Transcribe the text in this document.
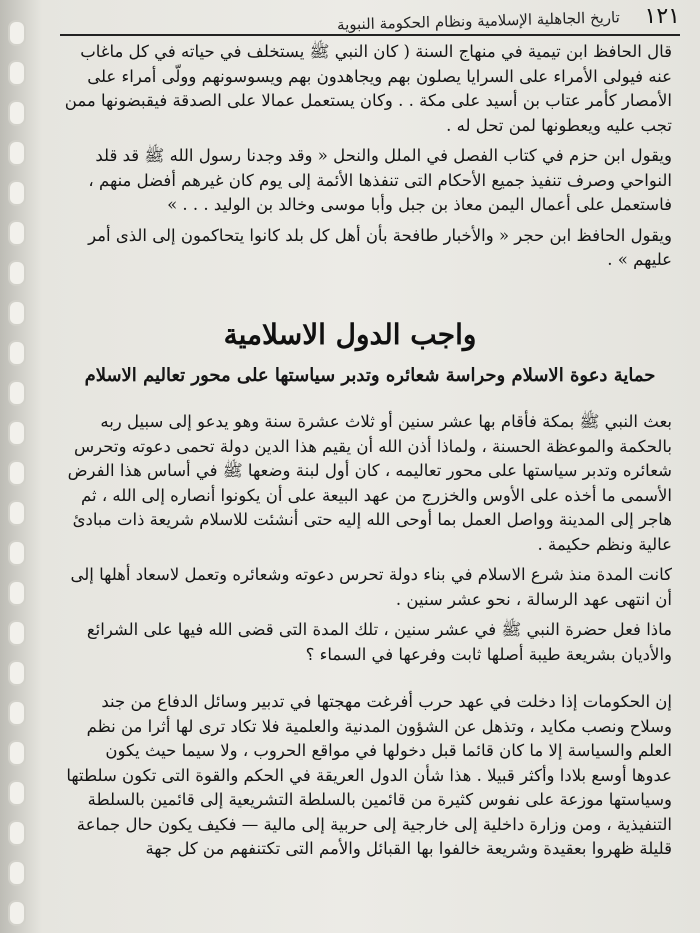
١٢١
تاريخ الجاهلية الإسلامية ونظام الحكومة النبوية

قال الحافظ ابن تيمية في منهاج السنة ( كان النبي ﷺ يستخلف في حياته في كل ماغاب عنه فيولى الأمراء على السرايا يصلون بهم ويجاهدون بهم ويسوسونهم وولّى أمراء على الأمصار كأمر عتاب بن أسيد على مكة . . وكان يستعمل عمالا على الصدقة فيقبضونها ممن تجب عليه ويعطونها لمن تحل له .

ويقول ابن حزم في كتاب الفصل في الملل والنحل « وقد وجدنا رسول الله ﷺ قد قلد النواحي وصرف تنفيذ جميع الأحكام التى تنفذها الأئمة إلى يوم كان غيرهم أفضل منهم ، فاستعمل على أعمال اليمن معاذ بن جبل وأبا موسى وخالد بن الوليد . . . »

ويقول الحافظ ابن حجر « والأخبار طافحة بأن أهل كل بلد كانوا يتحاكمون إلى الذى أمر عليهم » .

واجب الدول الاسلامية
حماية دعوة الاسلام وحراسة شعائره وتدبر سياستها على محور تعاليم الاسلام

بعث النبي ﷺ بمكة فأقام بها عشر سنين أو ثلاث عشرة سنة وهو يدعو إلى سبيل ربه بالحكمة والموعظة الحسنة ، ولماذا أذن الله أن يقيم هذا الدين دولة تحمى دعوته وتحرس شعائره وتدبر سياستها على محور تعاليمه ، كان أول لبنة وضعها ﷺ في أساس هذا الفرض الأسمى ما أخذه على الأوس والخزرج من عهد البيعة على أن يكونوا أنصاره إلى الله ، ثم هاجر إلى المدينة وواصل العمل بما أوحى الله إليه حتى أنشئت للاسلام شريعة ذات مبادئ عالية ونظم حكيمة .

كانت المدة منذ شرع الاسلام في بناء دولة تحرس دعوته وشعائره وتعمل لاسعاد أهلها إلى أن انتهى عهد الرسالة ، نحو عشر سنين .

ماذا فعل حضرة النبي ﷺ في عشر سنين ، تلك المدة التى قضى الله فيها على الشرائع والأديان بشريعة طيبة أصلها ثابت وفرعها في السماء ؟

إن الحكومات إذا دخلت في عهد حرب أفرغت مهجتها في تدبير وسائل الدفاع من جند وسلاح ونصب مكايد ، وتذهل عن الشؤون المدنية والعلمية فلا تكاد ترى لها أثرا من نظم العلم والسياسة إلا ما كان قائما قبل دخولها في مواقع الحروب ، ولا سيما حيث يكون عدوها أوسع بلادا وأكثر قبيلا . هذا شأن الدول العريقة في الحكم والقوة التى تكون سلطتها وسياستها موزعة على نفوس كثيرة من قائمين بالسلطة التشريعية إلى قائمين بالسلطة التنفيذية ، ومن وزارة داخلية إلى خارجية إلى حربية إلى مالية — فكيف يكون حال جماعة قليلة ظهروا بعقيدة وشريعة خالفوا بها القبائل والأمم التى تكتنفهم من كل جهة
